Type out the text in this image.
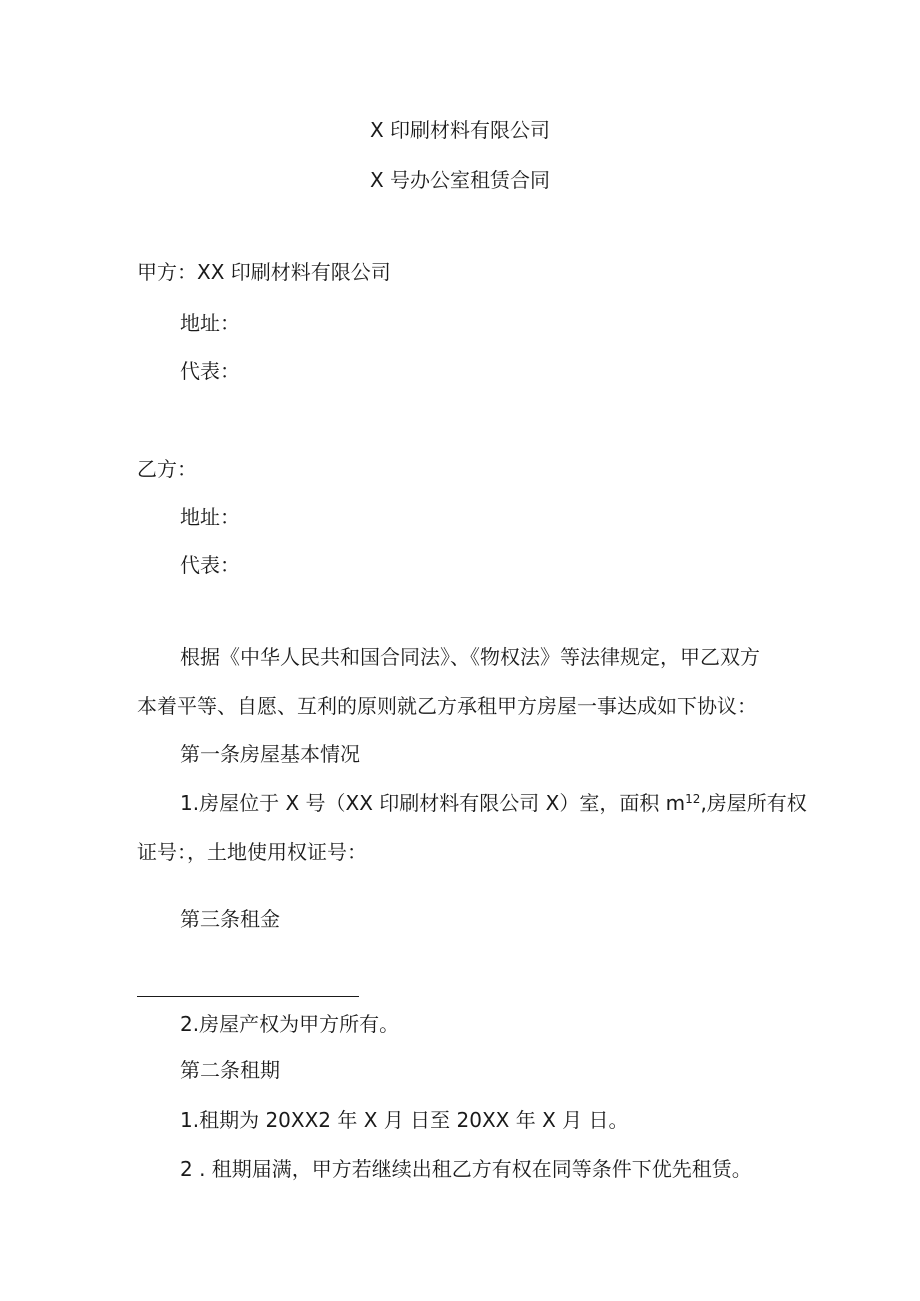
X 印刷材料有限公司
X 号办公室租赁合同
甲方：XX 印刷材料有限公司
地址：
代表：
乙方：
地址：
代表：
根据《中华人民共和国合同法》、《物权法》等法律规定，甲乙双方
本着平等、自愿、互利的原则就乙方承租甲方房屋一事达成如下协议：
第一条房屋基本情况
1.房屋位于 X 号（XX 印刷材料有限公司 X）室，面积 $m^{12}$,房屋所有权
证号：，土地使用权证号：
第三条租金
2.房屋产权为甲方所有。
第二条租期
1.租期为 20XX2 年 X 月 日至 20XX 年 X 月 日。
2 . 租期届满，甲方若继续出租乙方有权在同等条件下优先租赁。
